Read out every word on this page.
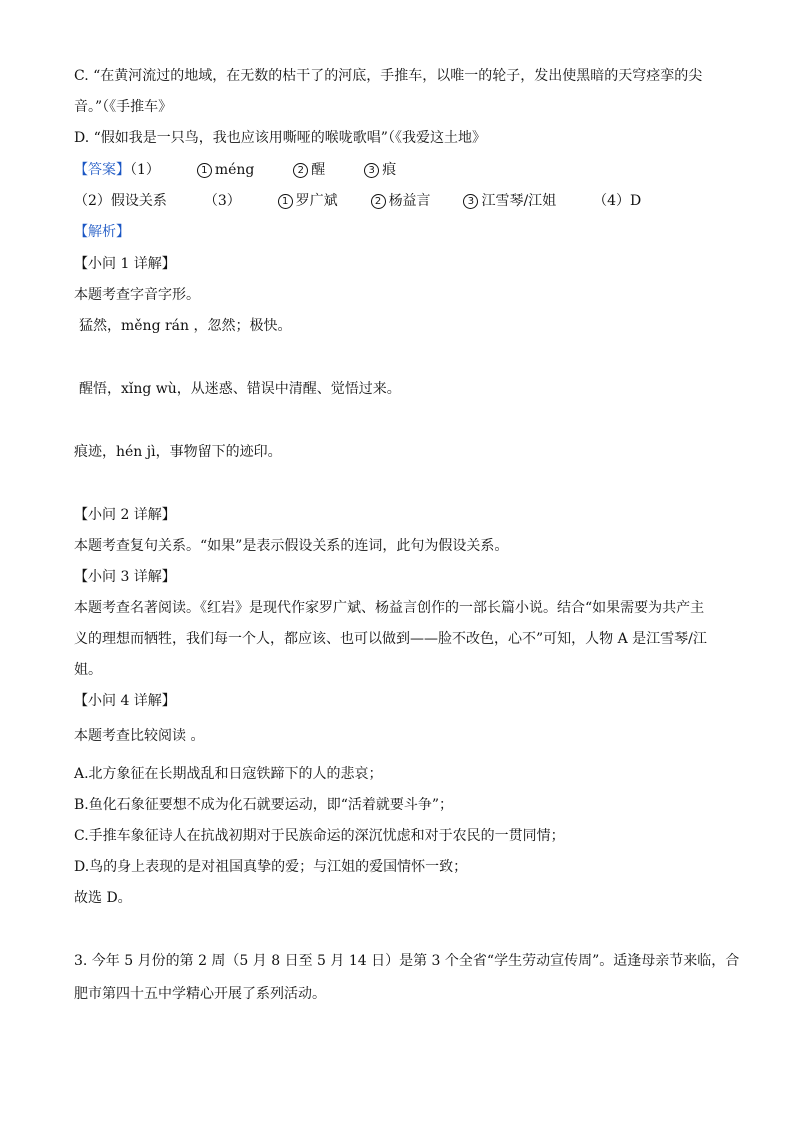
C. “在黄河流过的地域，在无数的枯干了的河底，手推车，以唯一的轮子，发出使黑暗的天穹痉挛的尖
音。”（《手推车》
D. “假如我是一只鸟，我也应该用嘶哑的喉咙歌唱”（《我爱这土地》
【答案】（1）	1 méng	2 醒	3 痕
（2）假设关系	（3）	1 罗广斌	2 杨益言	3 江雪琴/江姐	（4）D
【解析】
【小问 1 详解】
本题考查字音字形。
猛然，měng rán ，忽然；极快。
醒悟，xǐng wù，从迷惑、错误中清醒、觉悟过来。
痕迹，hén jì，事物留下的迹印。
【小问 2 详解】
本题考查复句关系。“如果”是表示假设关系的连词，此句为假设关系。
【小问 3 详解】
本题考查名著阅读。《红岩》是现代作家罗广斌、杨益言创作的一部长篇小说。结合“如果需要为共产主
义的理想而牺牲，我们每一个人，都应该、也可以做到——脸不改色，心不”可知，人物 A 是江雪琴/江
姐。
【小问 4 详解】
本题考查比较阅读 。
A.北方象征在长期战乱和日寇铁蹄下的人的悲哀；
B.鱼化石象征要想不成为化石就要运动，即“活着就要斗争”；
C.手推车象征诗人在抗战初期对于民族命运的深沉忧虑和对于农民的一贯同情；
D.鸟的身上表现的是对祖国真挚的爱；与江姐的爱国情怀一致；
故选 D。
3. 今年 5 月份的第 2 周（5 月 8 日至 5 月 14 日）是第 3 个全省“学生劳动宣传周”。适逢母亲节来临，合
肥市第四十五中学精心开展了系列活动。
